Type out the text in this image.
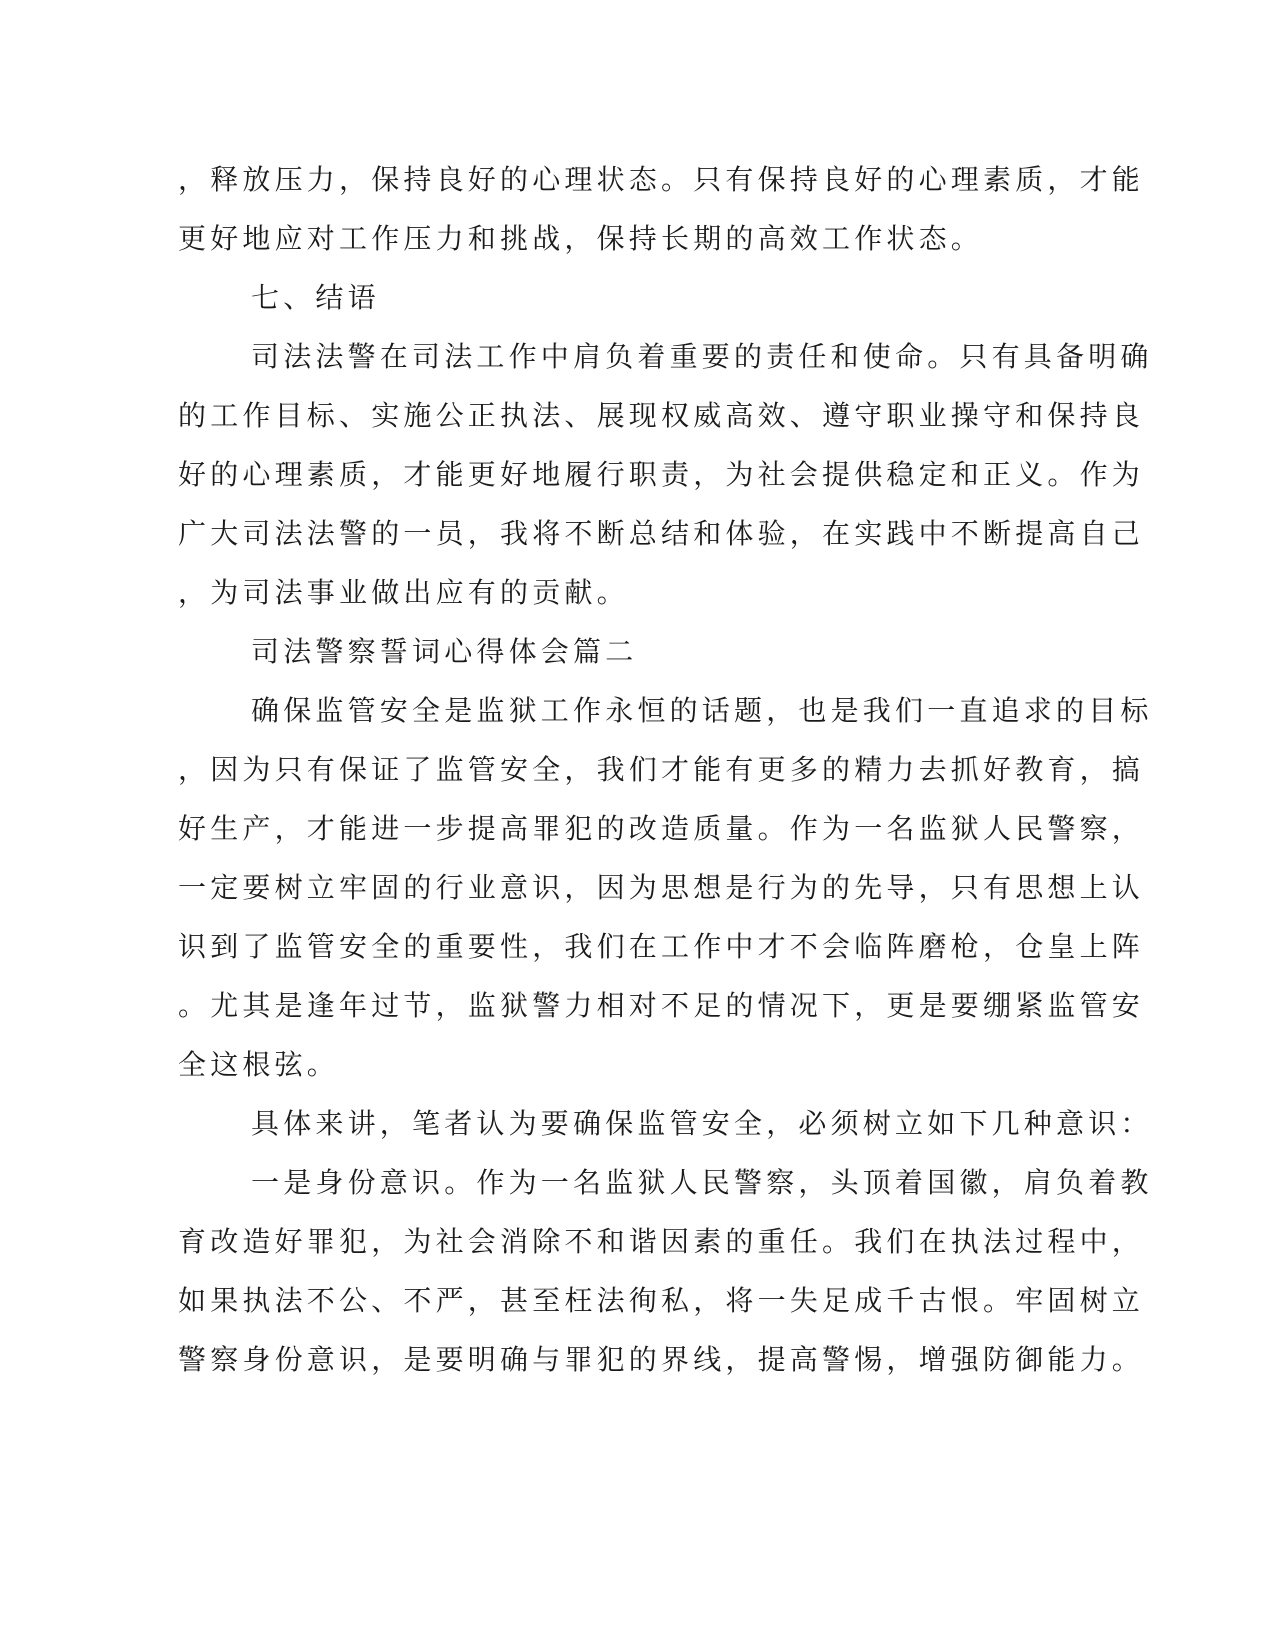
，释放压力，保持良好的心理状态。只有保持良好的心理素质，才能
更好地应对工作压力和挑战，保持长期的高效工作状态。
七、结语
司法法警在司法工作中肩负着重要的责任和使命。只有具备明确
的工作目标、实施公正执法、展现权威高效、遵守职业操守和保持良
好的心理素质，才能更好地履行职责，为社会提供稳定和正义。作为
广大司法法警的一员，我将不断总结和体验，在实践中不断提高自己
，为司法事业做出应有的贡献。
司法警察誓词心得体会篇二
确保监管安全是监狱工作永恒的话题，也是我们一直追求的目标
，因为只有保证了监管安全，我们才能有更多的精力去抓好教育，搞
好生产，才能进一步提高罪犯的改造质量。作为一名监狱人民警察，
一定要树立牢固的行业意识，因为思想是行为的先导，只有思想上认
识到了监管安全的重要性，我们在工作中才不会临阵磨枪，仓皇上阵
。尤其是逢年过节，监狱警力相对不足的情况下，更是要绷紧监管安
全这根弦。
具体来讲，笔者认为要确保监管安全，必须树立如下几种意识：
一是身份意识。作为一名监狱人民警察，头顶着国徽，肩负着教
育改造好罪犯，为社会消除不和谐因素的重任。我们在执法过程中，
如果执法不公、不严，甚至枉法徇私，将一失足成千古恨。牢固树立
警察身份意识，是要明确与罪犯的界线，提高警惕，增强防御能力。
